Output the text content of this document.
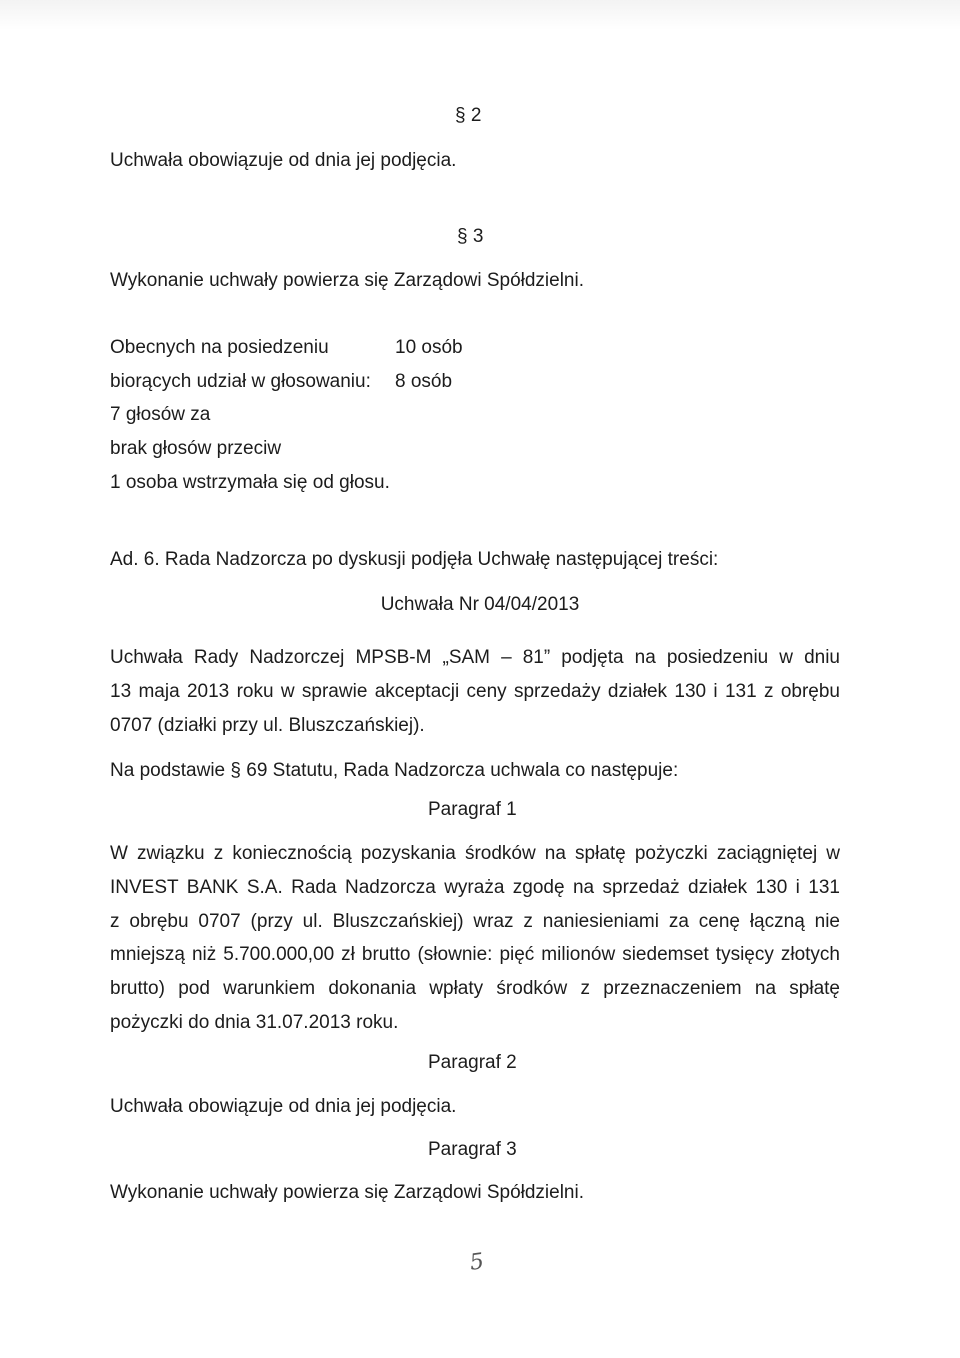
§ 2
Uchwała obowiązuje od dnia jej podjęcia.
§ 3
Wykonanie uchwały powierza się Zarządowi Spółdzielni.
Obecnych na posiedzeniu	10 osób
biorących udział w głosowaniu: 8 osób
7 głosów za
brak głosów przeciw
1 osoba wstrzymała się od głosu.
Ad. 6. Rada Nadzorcza po dyskusji podjęła Uchwałę następującej treści:
Uchwała Nr 04/04/2013
Uchwała Rady Nadzorczej MPSB-M „SAM – 81” podjęta na posiedzeniu w dniu
13 maja 2013 roku w sprawie akceptacji ceny sprzedaży działek 130 i 131 z obrębu
0707 (działki przy ul. Bluszczańskiej).
Na podstawie § 69 Statutu, Rada Nadzorcza uchwala co następuje:
Paragraf 1
W związku z koniecznością pozyskania środków na spłatę pożyczki zaciągniętej w
INVEST BANK S.A. Rada Nadzorcza wyraża zgodę na sprzedaż działek 130 i 131
z obrębu 0707 (przy ul. Bluszczańskiej) wraz z naniesieniami za cenę łączną nie
mniejszą niż 5.700.000,00 zł brutto (słownie: pięć milionów siedemset tysięcy złotych
brutto) pod warunkiem dokonania wpłaty środków z przeznaczeniem na spłatę
pożyczki do dnia 31.07.2013 roku.
Paragraf 2
Uchwała obowiązuje od dnia jej podjęcia.
Paragraf 3
Wykonanie uchwały powierza się Zarządowi Spółdzielni.
5
